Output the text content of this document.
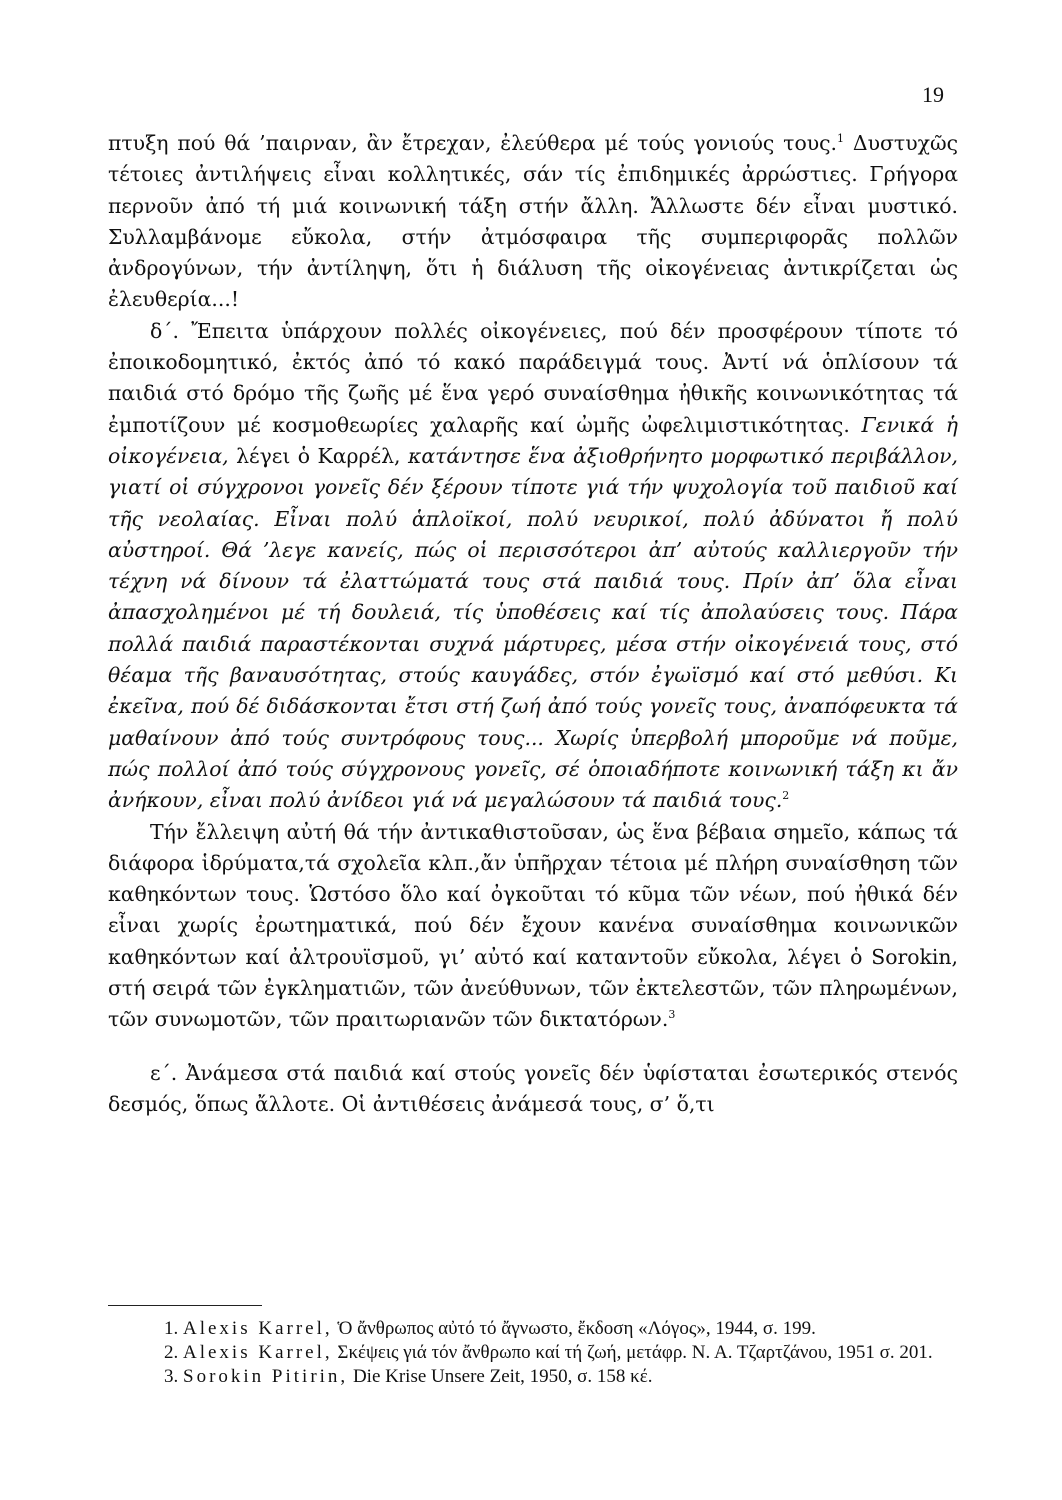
19

πτυξη πού θά ’παιρναν, ἂν ἔτρεχαν, ἐλεύθερα μέ τούς γονιούς τους.$^1$ Δυστυχῶς τέτοιες ἀντιλήψεις εἶναι κολλητικές, σάν τίς ἐπιδημικές ἀρρώστιες. Γρήγορα περνοῦν ἀπό τή μιά κοινωνική τάξη στήν ἄλλη. Ἄλλωστε δέν εἶναι μυστικό. Συλλαμβάνομε εὔκολα, στήν ἀτμόσφαιρα τῆς συμπεριφορᾶς πολλῶν ἀνδρογύνων, τήν ἀντίληψη, ὅτι ἡ διάλυση τῆς οἰκογένειας ἀντικρίζεται ὡς ἐλευθερία...!

δ΄. Ἔπειτα ὑπάρχουν πολλές οἰκογένειες, πού δέν προσφέρουν τίποτε τό ἐποικοδομητικό, ἐκτός ἀπό τό κακό παράδειγμά τους. Ἀντί νά ὁπλίσουν τά παιδιά στό δρόμο τῆς ζωῆς μέ ἕνα γερό συναίσθημα ἠθικῆς κοινωνικότητας τά ἐμποτίζουν μέ κοσμοθεωρίες χαλαρῆς καί ὠμῆς ὠφελιμιστικότητας. Γενικά ἡ οἰκογένεια, λέγει ὁ Καρρέλ, κατάντησε ἕνα ἀξιοθρήνητο μορφωτικό περιβάλλον, γιατί οἱ σύγχρονοι γονεῖς δέν ξέρουν τίποτε γιά τήν ψυχολογία τοῦ παιδιοῦ καί τῆς νεολαίας. Εἶναι πολύ ἁπλοϊκοί, πολύ νευρικοί, πολύ ἀδύνατοι ἤ πολύ αὐστηροί. Θά ’λεγε κανείς, πώς οἱ περισσότεροι ἀπ’ αὐτούς καλλιεργοῦν τήν τέχνη νά δίνουν τά ἐλαττώματά τους στά παιδιά τους. Πρίν ἀπ’ ὅλα εἶναι ἀπασχολημένοι μέ τή δουλειά, τίς ὑποθέσεις καί τίς ἀπολαύσεις τους. Πάρα πολλά παιδιά παραστέκονται συχνά μάρτυρες, μέσα στήν οἰκογένειά τους, στό θέαμα τῆς βαναυσότητας, στούς καυγάδες, στόν ἐγωϊσμό καί στό μεθύσι. Κι ἐκεῖνα, πού δέ διδάσκονται ἔτσι στή ζωή ἀπό τούς γονεῖς τους, ἀναπόφευκτα τά μαθαίνουν ἀπό τούς συντρόφους τους... Χωρίς ὑπερβολή μποροῦμε νά ποῦμε, πώς πολλοί ἀπό τούς σύγχρονους γονεῖς, σέ ὁποιαδήποτε κοινωνική τάξη κι ἄν ἀνήκουν, εἶναι πολύ ἀνίδεοι γιά νά μεγαλώσουν τά παιδιά τους.$^2$

Τήν ἔλλειψη αὐτή θά τήν ἀντικαθιστοῦσαν, ὡς ἕνα βέβαια σημεῖο, κάπως τά διάφορα ἱδρύματα,τά σχολεῖα κλπ.,ἄν ὑπῆρχαν τέτοια μέ πλήρη συναίσθηση τῶν καθηκόντων τους. Ὡστόσο ὅλο καί ὀγκοῦται τό κῦμα τῶν νέων, πού ἠθικά δέν εἶναι χωρίς ἐρωτηματικά, πού δέν ἔχουν κανένα συναίσθημα κοινωνικῶν καθηκόντων καί ἀλτρουϊσμοῦ, γι’ αὐτό καί καταντοῦν εὔκολα, λέγει ὁ Sorokin, στή σειρά τῶν ἐγκληματιῶν, τῶν ἀνεύθυνων, τῶν ἐκτελεστῶν, τῶν πληρωμένων, τῶν συνωμοτῶν, τῶν πραιτωριανῶν τῶν δικτατόρων.$^3$

ε΄. Ἀνάμεσα στά παιδιά καί στούς γονεῖς δέν ὑφίσταται ἐσωτερικός στενός δεσμός, ὅπως ἄλλοτε. Οἱ ἀντιθέσεις ἀνάμεσά τους, σ’ ὅ,τι

1. Alexis Karrel, Ὁ ἄνθρωπος αὐτό τό ἄγνωστο, ἔκδοση «Λόγος», 1944, σ. 199.

2. Alexis Karrel, Σκέψεις γιά τόν ἄνθρωπο καί τή ζωή, μετάφρ. Ν. Α. Τζαρτζάνου, 1951 σ. 201.

3. Sorokin Pitirin, Die Krise Unsere Zeit, 1950, σ. 158 κέ.
